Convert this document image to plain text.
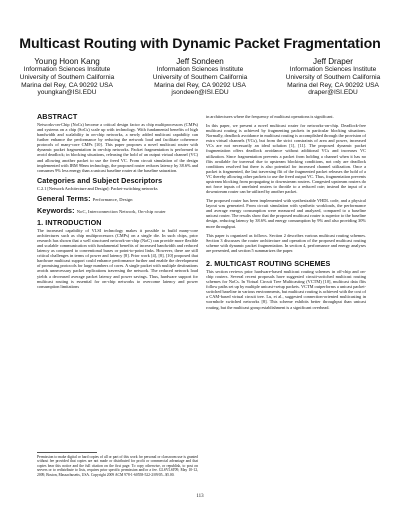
Multicast Routing with Dynamic Packet Fragmentation
Young Hoon Kang
Information Sciences Institute
University of Southern California
Marina del Rey, CA 90292 USA
youngkan@ISI.EDU
Jeff Sondeen
Information Sciences Institute
University of Southern California
Marina del Rey, CA 90292 USA
jsondeen@ISI.EDU
Jeff Draper
Information Sciences Institute
University of Southern California
Marina del Rey, CA 90292 USA
draper@ISI.EDU
ABSTRACT

Networks-on-Chip (NoCs) become a critical design factor as chip multiprocessors (CMPs) and systems on a chip (SoCs) scale up with technology. With fundamental benefits of high bandwidth and scalability in on-chip networks, a newly added multicast capability can further enhance the performance by reducing the network load and facilitate coherence protocols of many-core CMPs [10]. This paper proposes a novel multicast router with dynamic packet fragmentation in on-chip networks. Packet fragmentation is performed to avoid deadlock; in blocking situations, releasing the hold of an output virtual channel (VC) and allowing another packet to use the freed VC. From circuit simulation of the design implemented with IBM 90nm technology, the proposed router reduces latency by 38.6% and consumes 9% less energy than a unicast baseline router at the baseline saturation.

Categories and Subject Descriptors

C.2.1 [Network Architecture and Design]: Packet-switching networks

General Terms: Performance, Design
Keywords: NoC, Interconnection Network, On-chip router
1. INTRODUCTION

The increased capability of VLSI technology makes it possible to build many-core architectures such as chip multiprocessors (CMPs) on a single die. In such chips, prior research has shown that a well structured network-on-chip (NoC) can provide more flexible and scalable communication with fundamental benefits of increased bandwidth and reduced latency as compared to conventional buses or point-to-point links. However, there are still critical challenges in terms of power and latency [8]. Prior work [4], [8], [10] proposed that hardware multicast support could enhance performance further and enable the development of promising protocols for large numbers of cores. A single packet with multiple destinations avoids unnecessary packet replications traversing the network. The reduced network load yields a decreased average packet latency and power savings. Thus, hardware support for multicast routing is essential for on-chip networks to overcome latency and power consumption limitations

Permission to make digital or hard copies of all or part of this work for personal or classroom use is granted without fee provided that copies are not made or distributed for profit or commercial advantage and that copies bear this notice and the full citation on the first page. To copy otherwise, or republish, to post on servers or to redistribute to lists, requires prior specific permission and/or a fee. GLSVLSI'09, May 10-12, 2009, Boston, Massachusetts, USA. Copyright 2009 ACM 978-1-60558-522-2/09/05...$5.00.

in architectures where the frequency of multicast operations is significant.

In this paper, we present a novel multicast router for networks-on-chip. Deadlock-free multicast routing is achieved by fragmenting packets in particular blocking situations. Normally, deadlock avoidance in multicast routing is accomplished through the provision of extra virtual channels (VCs), but from the strict constraints of area and power, increased VCs are not necessarily an ideal solution [1], [11]. The proposed dynamic packet fragmentation offers deadlock avoidance without additional VCs and increases VC utilization. Since fragmentation prevents a packet from holding a channel when it has no flits available for traversal due to upstream blocking conditions, not only are deadlock conditions resolved but there is also potential for increased channel utilization. Once a packet is fragmented, the last traversing flit of the fragmented packet releases the hold of a VC thereby allowing other packets to use the freed output VC. Thus, fragmentation prevents upstream blocking from propagating to downstream routers. Congested upstream routers do not force inputs of unrelated routers to throttle to a reduced rate; instead the input of a downstream router can be utilized by another packet.

The proposed router has been implemented with synthesizable VHDL code, and a physical layout was generated. From circuit simulation with synthetic workloads, the performance and average energy consumption were measured and analyzed, compared to a baseline unicast router. The results show that the proposed multicast router is superior to the baseline design, reducing latency by 38.6% and energy consumption by 9% and also providing 30% more throughput.

This paper is organized as follows. Section 2 describes various multicast routing schemes. Section 3 discusses the router architecture and operation of the proposed multicast routing scheme with dynamic packet fragmentation. In section 4, performance and energy analyses are presented, and section 5 summarizes the paper.

2. MULTICAST ROUTING SCHEMES

This section reviews prior hardware-based multicast routing schemes in off-chip and on-chip routers. Several recent proposals have suggested circuit-switched multicast routing schemes for NoCs. In Virtual Circuit Tree Multicasting (VCTM) [10], multicast data flits follow paths set up by multiple unicast+setup packets. VCTM outperforms a unicast packet-switched baseline in various environments, but multicast routing is achieved with the cost of a CAM-based virtual circuit tree. Lu, et al., suggested connection-oriented multicasting in wormhole switched networks [8]. This scheme exhibits better throughput than unicast routing, but the multicast group establishment is a significant overhead.

113
